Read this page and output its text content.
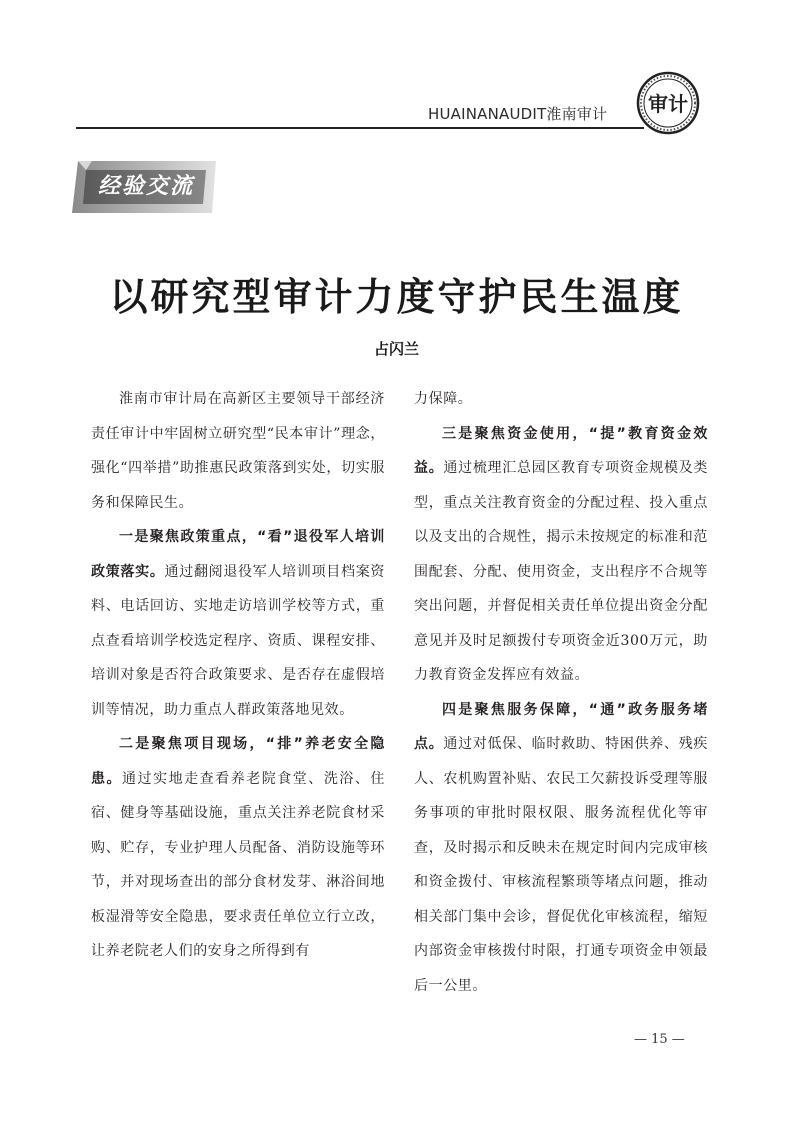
HUAINANAUDIT淮南审计 审计
经验交流
以研究型审计力度守护民生温度
占闪兰

淮南市审计局在高新区主要领导干部经济责任审计中牢固树立研究型“民本审计”理念，强化“四举措”助推惠民政策落到实处，切实服务和保障民生。

一是聚焦政策重点，“看”退役军人培训政策落实。通过翻阅退役军人培训项目档案资料、电话回访、实地走访培训学校等方式，重点查看培训学校选定程序、资质、课程安排、培训对象是否符合政策要求、是否存在虚假培训等情况，助力重点人群政策落地见效。

二是聚焦项目现场，“排”养老安全隐患。通过实地走查看养老院食堂、洗浴、住宿、健身等基础设施，重点关注养老院食材采购、贮存，专业护理人员配备、消防设施等环节，并对现场查出的部分食材发芽、淋浴间地板湿滑等安全隐患，要求责任单位立行立改，让养老院老人们的安身之所得到有

力保障。

三是聚焦资金使用，“提”教育资金效益。通过梳理汇总园区教育专项资金规模及类型，重点关注教育资金的分配过程、投入重点以及支出的合规性，揭示未按规定的标准和范围配套、分配、使用资金，支出程序不合规等突出问题，并督促相关责任单位提出资金分配意见并及时足额拨付专项资金近300万元，助力教育资金发挥应有效益。

四是聚焦服务保障，“通”政务服务堵点。通过对低保、临时救助、特困供养、残疾人、农机购置补贴、农民工欠薪投诉受理等服务事项的审批时限权限、服务流程优化等审查，及时揭示和反映未在规定时间内完成审核和资金拨付、审核流程繁琐等堵点问题，推动相关部门集中会诊，督促优化审核流程，缩短内部资金审核拨付时限，打通专项资金申领最后一公里。

— 15 —
